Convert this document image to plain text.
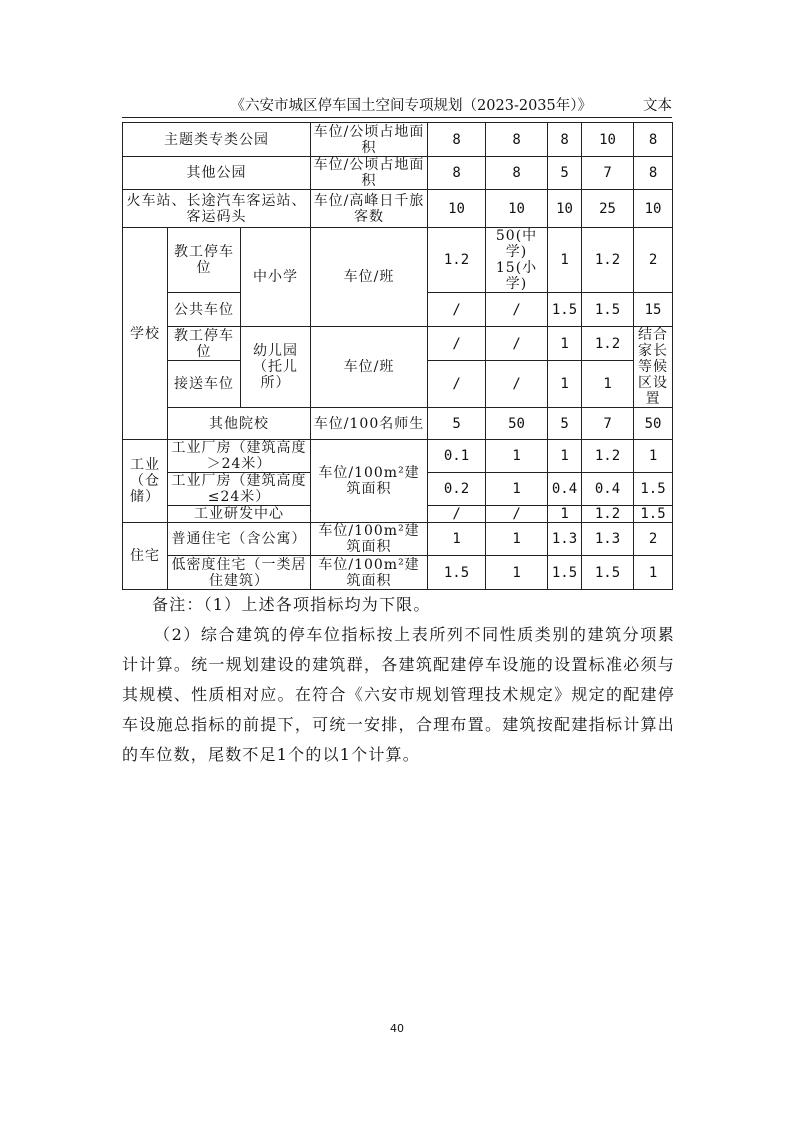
《六安市城区停车国土空间专项规划（2023-2035年）》	文本
主题类专类公园			车位/公顷占地面积	8	8	8	10	8
其他公园			车位/公顷占地面积	8	8	5	7	8
火车站、长途汽车客运站、客运码头			车位/高峰日千旅客数	10	10	10	25	10
学校	教工停车位	中小学	车位/班	1.2	50(中学) 15(小学)	1	1.2	2
	公共车位			/	/	1.5	1.5	15
	教工停车位	幼儿园（托儿所）	车位/班	/	/	1	1.2	结合家长等候区设置
	接送车位			/	/	1	1	
	其他院校		车位/100名师生	5	50	5	7	50
工业（仓储）	工业厂房（建筑高度＞24米）		车位/100m²建筑面积	0.1	1	1	1.2	1
	工业厂房（建筑高度≤24米）			0.2	1	0.4	0.4	1.5
	工业研发中心			/	/	1	1.2	1.5
住宅	普通住宅（含公寓）		车位/100m²建筑面积	1	1	1.3	1.3	2
	低密度住宅（一类居住建筑）		车位/100m²建筑面积	1.5	1	1.5	1.5	1

备注：（1）上述各项指标均为下限。

（2）综合建筑的停车位指标按上表所列不同性质类别的建筑分项累计计算。统一规划建设的建筑群，各建筑配建停车设施的设置标准必须与其规模、性质相对应。在符合《六安市规划管理技术规定》规定的配建停车设施总指标的前提下，可统一安排，合理布置。建筑按配建指标计算出的车位数，尾数不足1个的以1个计算。

40
